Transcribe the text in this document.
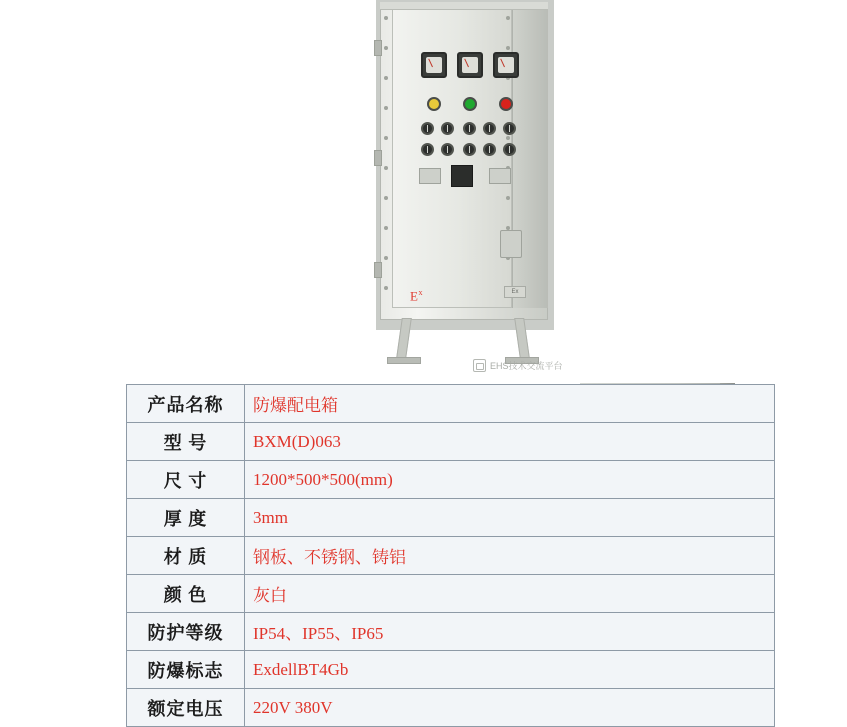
$E^x$	Ex
EHS技术交流平台
产品名称	防爆配电箱
型 号	BXM(D)063
尺 寸	1200*500*500(mm)
厚 度	3mm
材 质	钢板、不锈钢、铸铝
颜 色	灰白
防护等级	IP54、IP55、IP65
防爆标志	ExdellBT4Gb
额定电压	220V 380V
